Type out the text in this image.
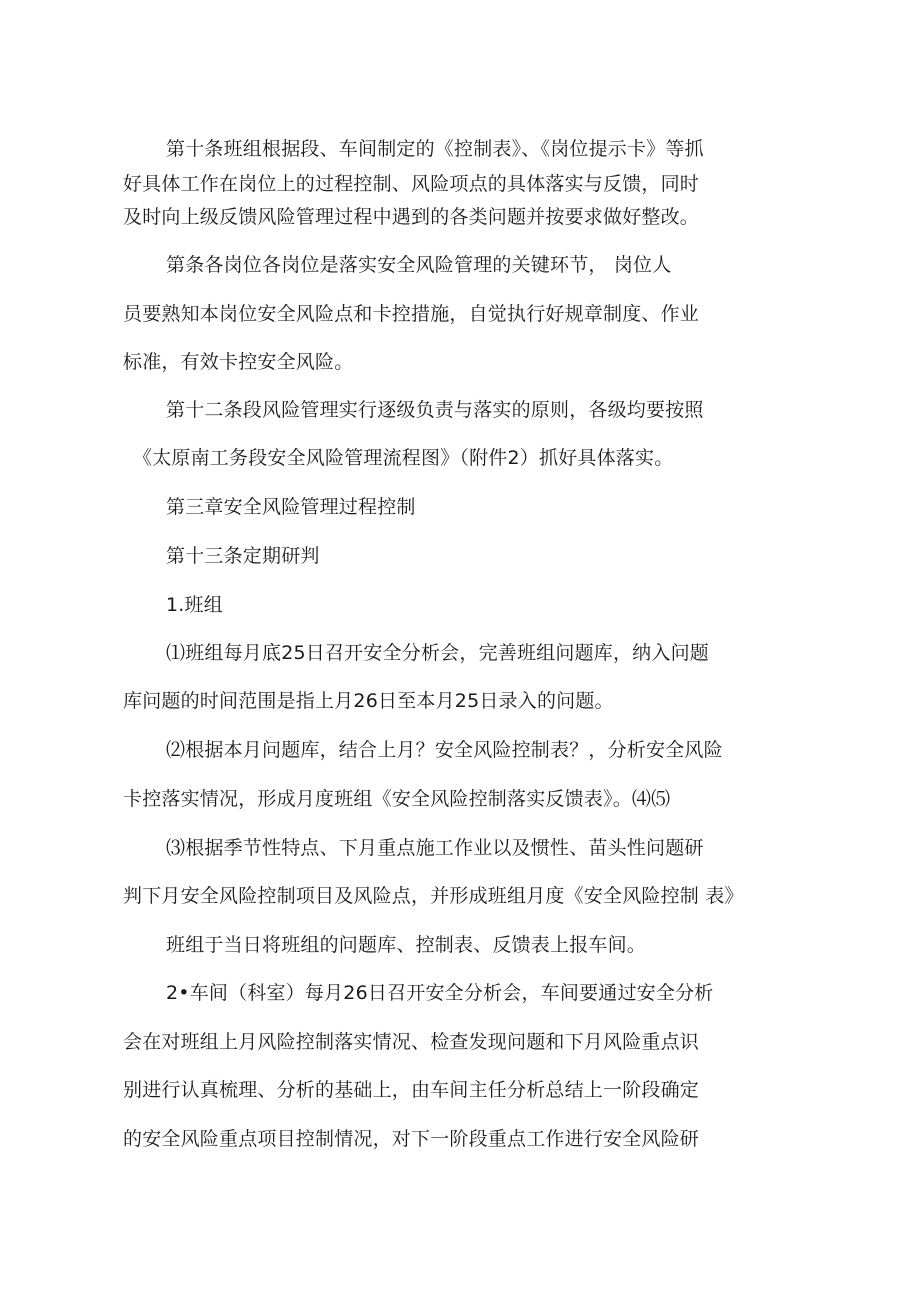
第十条班组根据段、车间制定的《控制表》、《岗位提示卡》等抓
好具体工作在岗位上的过程控制、风险项点的具体落实与反馈，同时
及时向上级反馈风险管理过程中遇到的各类问题并按要求做好整改。
第条各岗位各岗位是落实安全风险管理的关键环节， 岗位人
员要熟知本岗位安全风险点和卡控措施，自觉执行好规章制度、作业
标准，有效卡控安全风险。
第十二条段风险管理实行逐级负责与落实的原则，各级均要按照
《太原南工务段安全风险管理流程图》（附件2）抓好具体落实。
第三章安全风险管理过程控制
第十三条定期研判
1.班组
⑴班组每月底25日召开安全分析会，完善班组问题库，纳入问题
库问题的时间范围是指上月26日至本月25日录入的问题。
⑵根据本月问题库，结合上月？安全风险控制表？，分析安全风险
卡控落实情况，形成月度班组《安全风险控制落实反馈表》。⑷⑸
⑶根据季节性特点、下月重点施工作业以及惯性、苗头性问题研
判下月安全风险控制项目及风险点，并形成班组月度《安全风险控制 表》
班组于当日将班组的问题库、控制表、反馈表上报车间。
2•车间（科室）每月26日召开安全分析会，车间要通过安全分析
会在对班组上月风险控制落实情况、检查发现问题和下月风险重点识
别进行认真梳理、分析的基础上，由车间主任分析总结上一阶段确定
的安全风险重点项目控制情况，对下一阶段重点工作进行安全风险研
